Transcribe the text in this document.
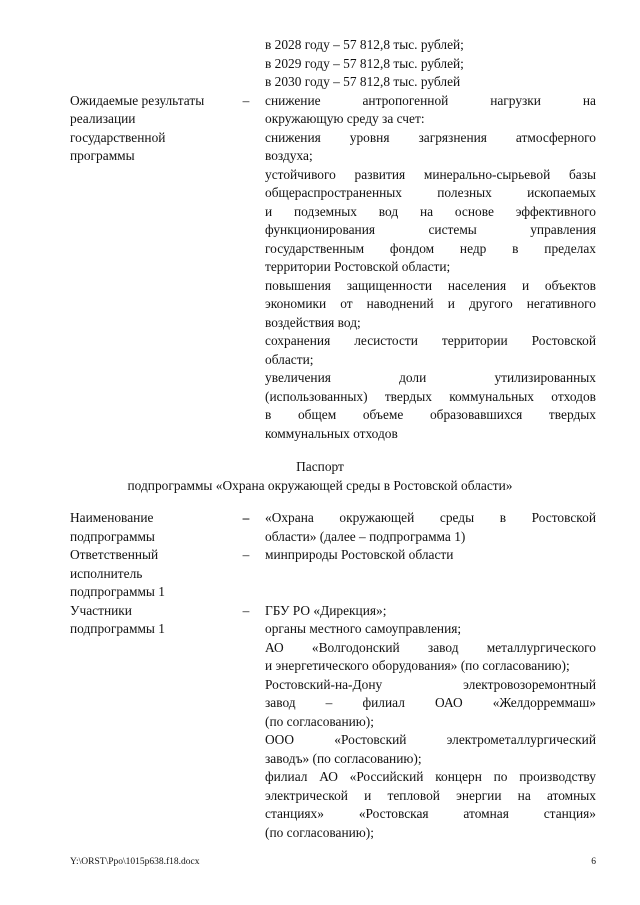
в 2028 году – 57 812,8 тыс. рублей;
в 2029 году – 57 812,8 тыс. рублей;
в 2030 году – 57 812,8 тыс. рублей
Ожидаемые результаты
реализации
государственной
программы
– снижение антропогенной нагрузки на
окружающую среду за счет:
снижения уровня загрязнения атмосферного
воздуха;
устойчивого развития минерально-сырьевой базы
общераспространенных полезных ископаемых
и подземных вод на основе эффективного
функционирования системы управления
государственным фондом недр в пределах
территории Ростовской области;
повышения защищенности населения и объектов
экономики от наводнений и другого негативного
воздействия вод;
сохранения лесистости территории Ростовской
области;
увеличения доли утилизированных
(использованных) твердых коммунальных отходов
в общем объеме образовавшихся твердых
коммунальных отходов
Паспорт
подпрограммы «Охрана окружающей среды в Ростовской области»
Наименование
подпрограммы
– «Охрана окружающей среды в Ростовской
области» (далее – подпрограмма 1)
Ответственный
исполнитель
подпрограммы 1
– минприроды Ростовской области
Участники
подпрограммы 1
– ГБУ РО «Дирекция»;
органы местного самоуправления;
АО «Волгодонский завод металлургического
и энергетического оборудования» (по согласованию);
Ростовский-на-Дону электровозоремонтный
завод – филиал ОАО «Желдорреммаш»
(по согласованию);
ООО «Ростовский электрометаллургический
заводъ» (по согласованию);
филиал АО «Российский концерн по производству
электрической и тепловой энергии на атомных
станциях» «Ростовская атомная станция»
(по согласованию);
Y:\ORST\Ppo\1015p638.f18.docx	6
